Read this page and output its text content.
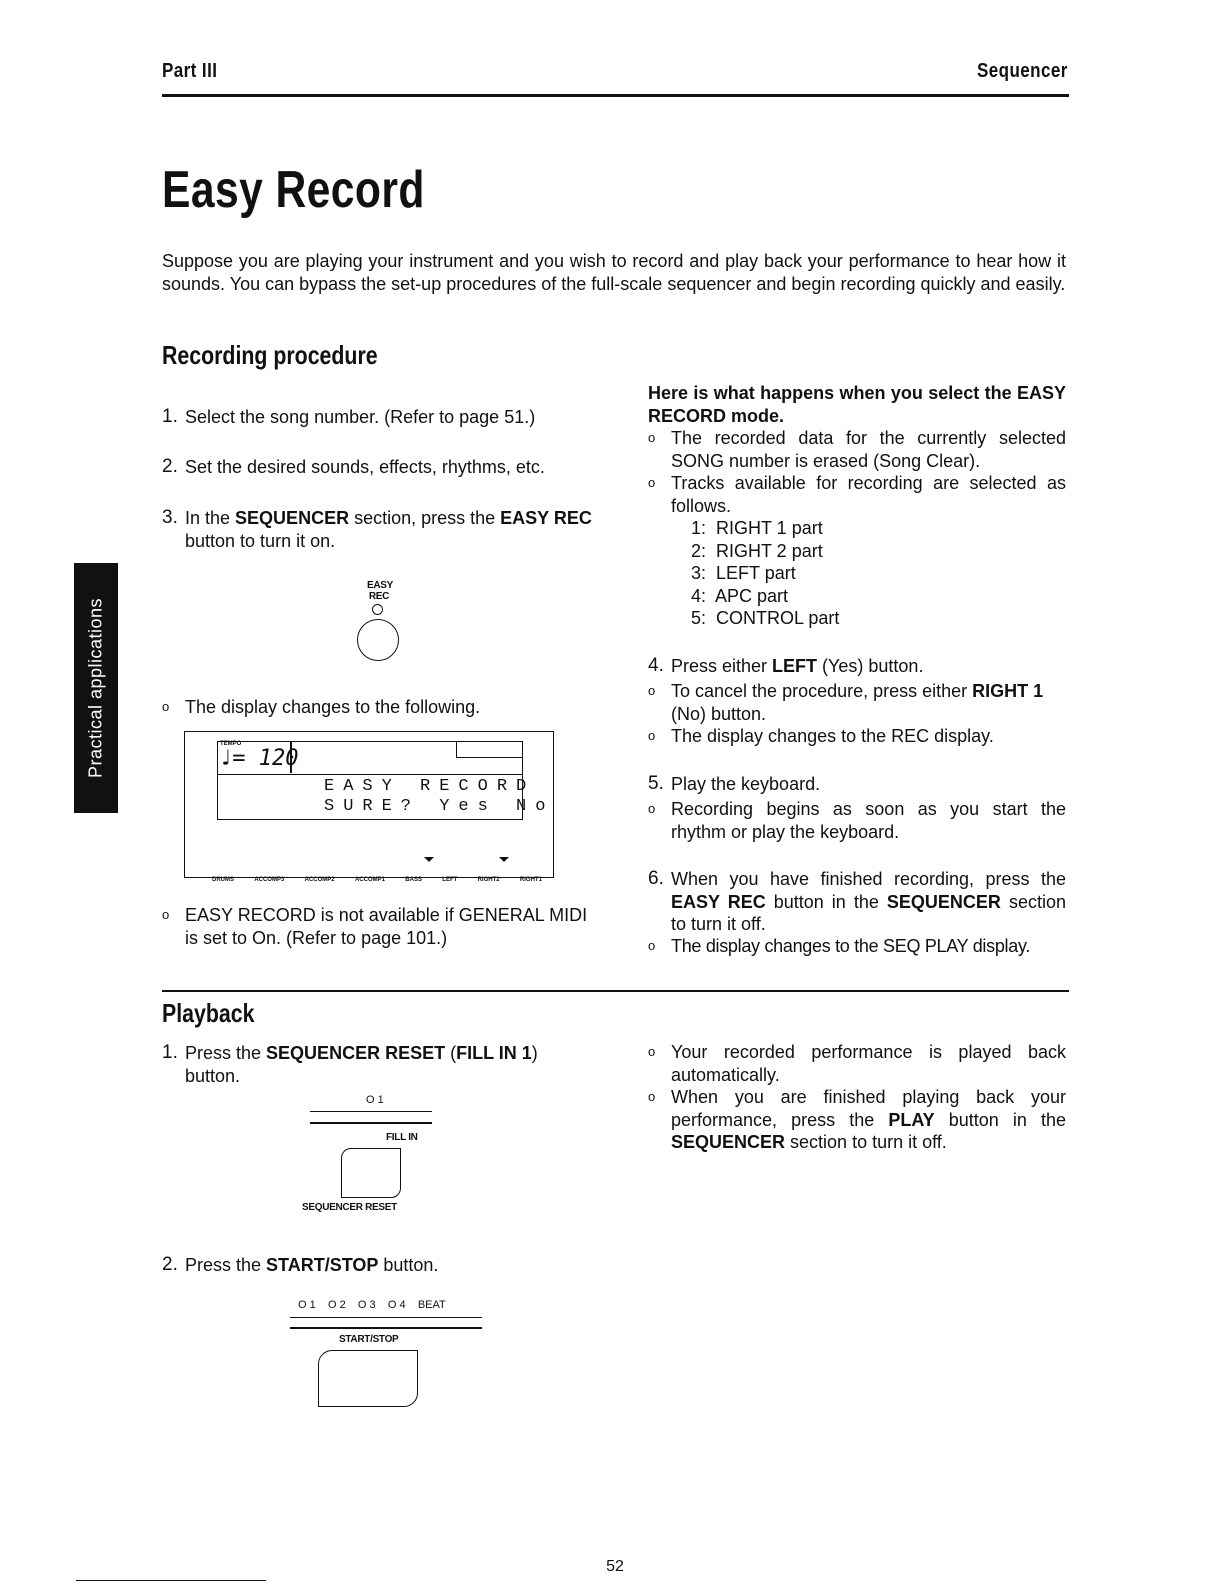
Part III	Sequencer
Easy Record
Suppose you are playing your instrument and you wish to record and play back your performance to hear how it sounds. You can bypass the set-up procedures of the full-scale sequencer and begin recording quickly and easily.
Practical applications
Recording procedure
1. Select the song number. (Refer to page 51.)
2. Set the desired sounds, effects, rhythms, etc.
3. In the SEQUENCER section, press the EASY REC button to turn it on.
EASY
REC
o The display changes to the following.
TEMPO
♩= 120
EASY RECORD
SURE? Yes No
DRUMS	ACCOMP3	ACCOMP2	ACCOMP1	BASS	LEFT	RIGHT2	RIGHT1
o EASY RECORD is not available if GENERAL MIDI is set to On. (Refer to page 101.)
Here is what happens when you select the EASY RECORD mode.
o The recorded data for the currently selected SONG number is erased (Song Clear).
o Tracks available for recording are selected as follows.
1:  RIGHT 1 part
2:  RIGHT 2 part
3:  LEFT part
4:  APC part
5:  CONTROL part
4. Press either LEFT (Yes) button.
o To cancel the procedure, press either RIGHT 1 (No) button.
o The display changes to the REC display.
5. Play the keyboard.
o Recording begins as soon as you start the rhythm or play the keyboard.
6. When you have finished recording, press the EASY REC button in the SEQUENCER section to turn it off.
o The display changes to the SEQ PLAY display.
Playback
1. Press the SEQUENCER RESET (FILL IN 1) button.
O 1
FILL IN
SEQUENCER RESET
2. Press the START/STOP button.
O 1    O 2    O 3    O 4    BEAT
START/STOP
o Your recorded performance is played back automatically.
o When you are finished playing back your performance, press the PLAY button in the SEQUENCER section to turn it off.
52
